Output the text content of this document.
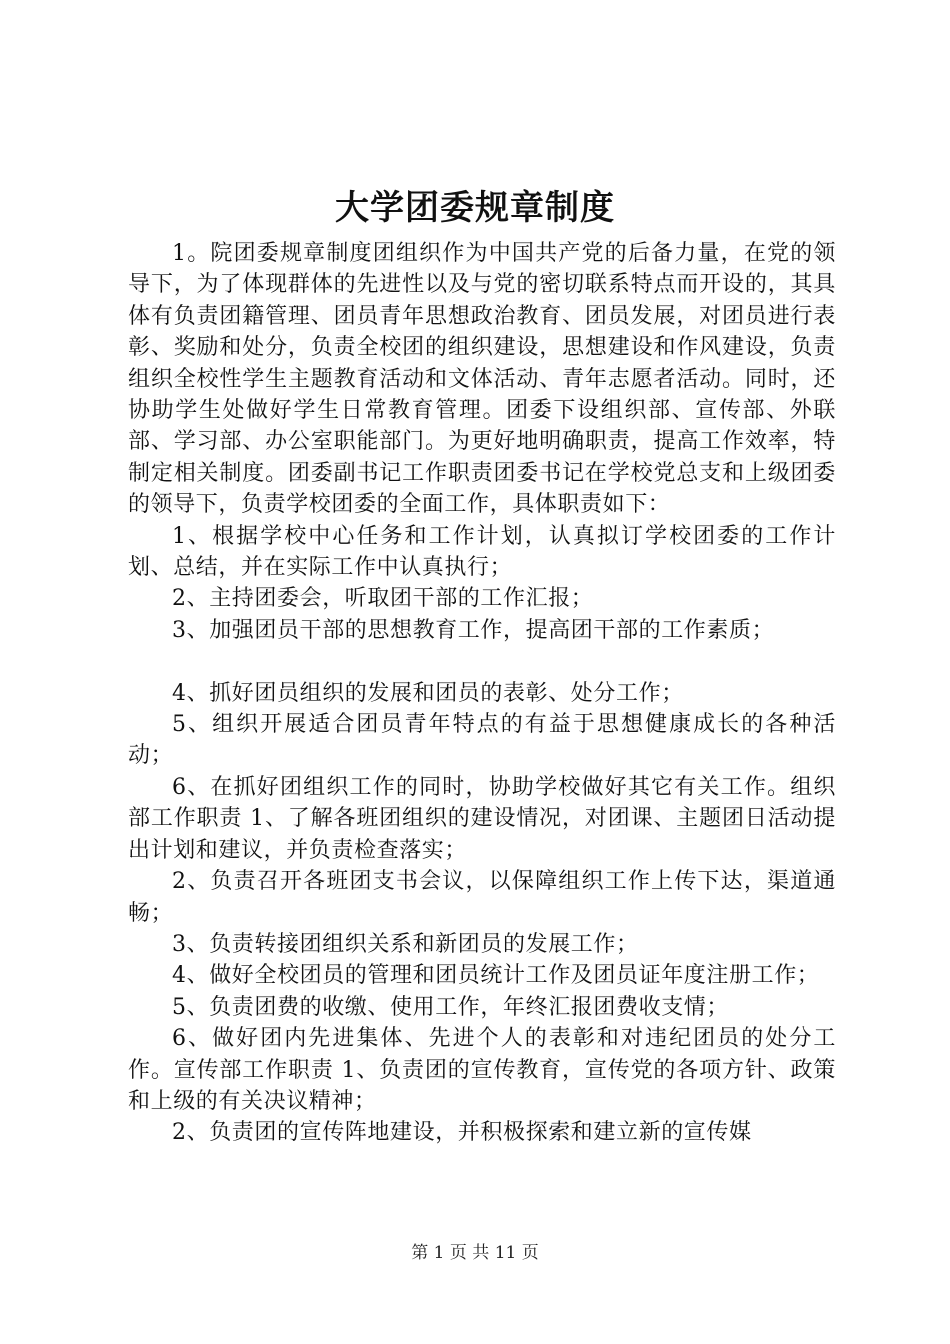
大学团委规章制度

1。院团委规章制度团组织作为中国共产党的后备力量，在党的领导下，为了体现群体的先进性以及与党的密切联系特点而开设的，其具体有负责团籍管理、团员青年思想政治教育、团员发展，对团员进行表彰、奖励和处分，负责全校团的组织建设，思想建设和作风建设，负责组织全校性学生主题教育活动和文体活动、青年志愿者活动。同时，还协助学生处做好学生日常教育管理。团委下设组织部、宣传部、外联部、学习部、办公室职能部门。为更好地明确职责，提高工作效率，特制定相关制度。团委副书记工作职责团委书记在学校党总支和上级团委的领导下，负责学校团委的全面工作，具体职责如下：

1、根据学校中心任务和工作计划，认真拟订学校团委的工作计划、总结，并在实际工作中认真执行；

2、主持团委会，听取团干部的工作汇报；

3、加强团员干部的思想教育工作，提高团干部的工作素质；

4、抓好团员组织的发展和团员的表彰、处分工作；

5、组织开展适合团员青年特点的有益于思想健康成长的各种活动；

6、在抓好团组织工作的同时，协助学校做好其它有关工作。组织部工作职责 1、了解各班团组织的建设情况，对团课、主题团日活动提出计划和建议，并负责检查落实；

2、负责召开各班团支书会议，以保障组织工作上传下达，渠道通畅；

3、负责转接团组织关系和新团员的发展工作；

4、做好全校团员的管理和团员统计工作及团员证年度注册工作；

5、负责团费的收缴、使用工作，年终汇报团费收支情；

6、做好团内先进集体、先进个人的表彰和对违纪团员的处分工作。宣传部工作职责 1、负责团的宣传教育，宣传党的各项方针、政策和上级的有关决议精神；

2、负责团的宣传阵地建设，并积极探索和建立新的宣传媒

第 1 页 共 11 页
